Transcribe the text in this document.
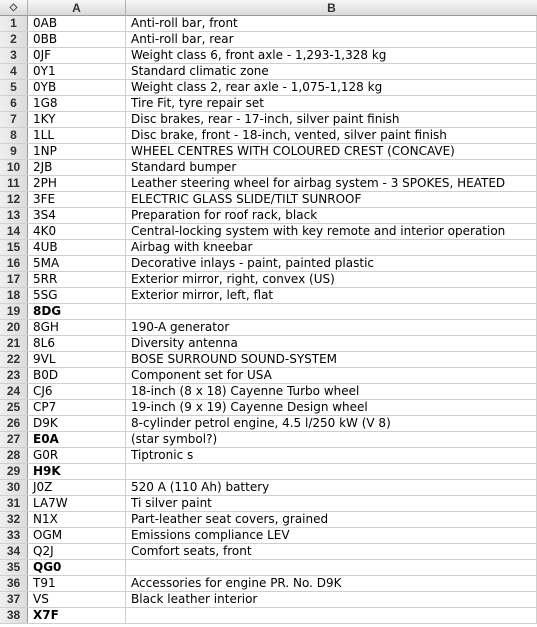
◇	A	B
1	0AB	Anti-roll bar, front
2	0BB	Anti-roll bar, rear
3	0JF	Weight class 6, front axle - 1,293-1,328 kg
4	0Y1	Standard climatic zone
5	0YB	Weight class 2, rear axle - 1,075-1,128 kg
6	1G8	Tire Fit, tyre repair set
7	1KY	Disc brakes, rear - 17-inch, silver paint finish
8	1LL	Disc brake, front - 18-inch, vented, silver paint finish
9	1NP	WHEEL CENTRES WITH COLOURED CREST (CONCAVE)
10	2JB	Standard bumper
11	2PH	Leather steering wheel for airbag system - 3 SPOKES, HEATED
12	3FE	ELECTRIC GLASS SLIDE/TILT SUNROOF
13	3S4	Preparation for roof rack, black
14	4K0	Central-locking system with key remote and interior operation
15	4UB	Airbag with kneebar
16	5MA	Decorative inlays - paint, painted plastic
17	5RR	Exterior mirror, right, convex (US)
18	5SG	Exterior mirror, left, flat
19	8DG
20	8GH	190-A generator
21	8L6	Diversity antenna
22	9VL	BOSE SURROUND SOUND-SYSTEM
23	B0D	Component set for USA
24	CJ6	18-inch (8 x 18) Cayenne Turbo wheel
25	CP7	19-inch (9 x 19) Cayenne Design wheel
26	D9K	8-cylinder petrol engine, 4.5 l/250 kW (V 8)
27	E0A	(star symbol?)
28	G0R	Tiptronic s
29	H9K
30	J0Z	520 A (110 Ah) battery
31	LA7W	Ti silver paint
32	N1X	Part-leather seat covers, grained
33	OGM	Emissions compliance LEV
34	Q2J	Comfort seats, front
35	QG0
36	T91	Accessories for engine PR. No. D9K
37	VS	Black leather interior
38	X7F
